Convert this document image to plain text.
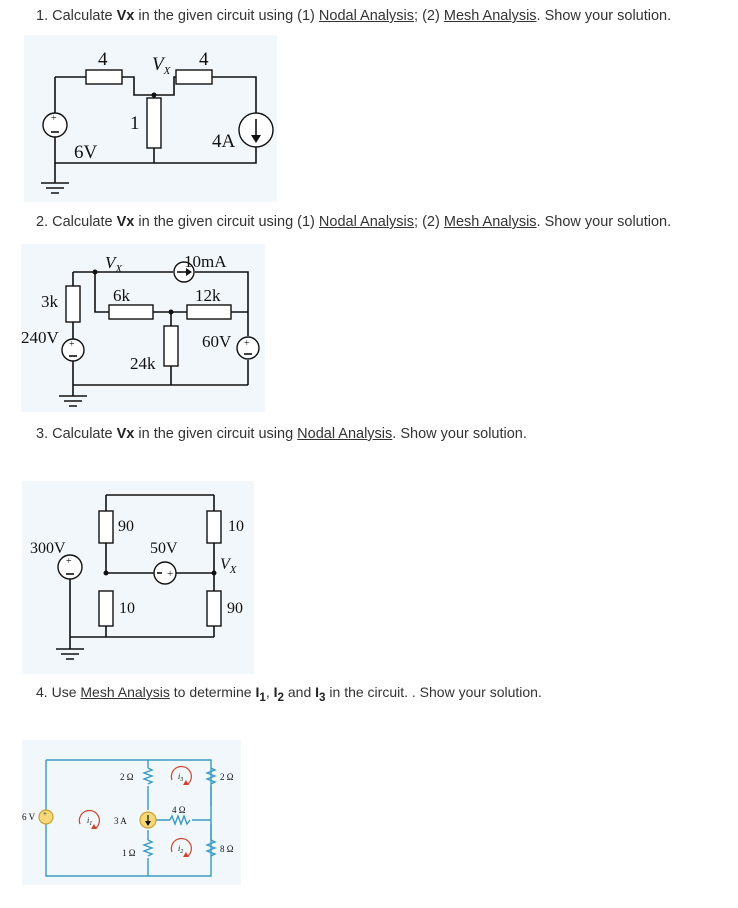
1. Calculate Vx in the given circuit using (1) Nodal Analysis; (2) Mesh Analysis. Show your solution.
+
4	4
$V_X$
1
6V
4A
2. Calculate Vx in the given circuit using (1) Nodal Analysis; (2) Mesh Analysis. Show your solution.
+	+
$V_X$	10mA
3k	6k	12k
240V	60V
24k
3. Calculate Vx in the given circuit using Nodal Analysis. Show your solution.
+
+
300V
90	10
50V
$V_X$
10	90
4. Use Mesh Analysis to determine $I_1$, $I_2$ and $I_3$ in the circuit. . Show your solution.
+
6 V	3 A
2 Ω
1 Ω
4 Ω
2 Ω
8 Ω
$i_1$
$i_2$
$i_3$
